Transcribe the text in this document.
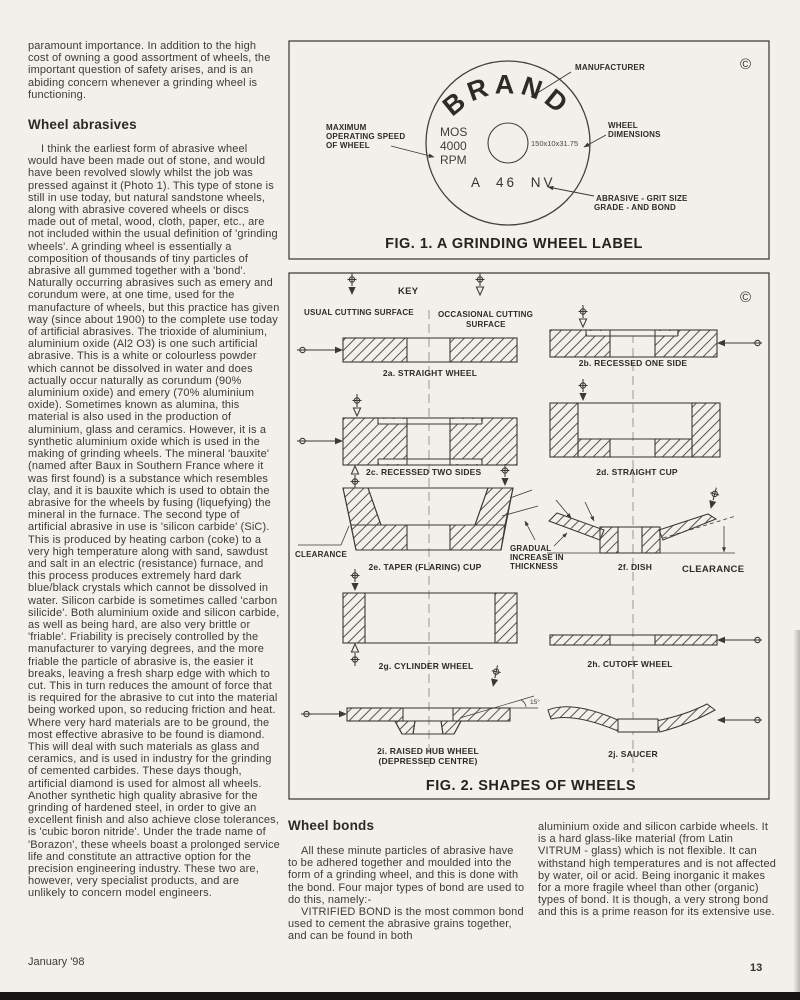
paramount importance. In addition to the high cost of owning a good assortment of wheels, the important question of safety arises, and is an abiding concern whenever a grinding wheel is functioning.
Wheel abrasives
I think the earliest form of abrasive wheel would have been made out of stone, and would have been revolved slowly whilst the job was pressed against it (Photo 1). This type of stone is still in use today, but natural sandstone wheels, along with abrasive covered wheels or discs made out of metal, wood, cloth, paper, etc., are not included within the usual definition of 'grinding wheels'. A grinding wheel is essentially a composition of thousands of tiny particles of abrasive all gummed together with a 'bond'. Naturally occurring abrasives such as emery and corundum were, at one time, used for the manufacture of wheels, but this practice has given way (since about 1900) to the complete use today of artificial abrasives. The trioxide of aluminium, aluminium oxide (Al2 O3) is one such artificial abrasive. This is a white or colourless powder which cannot be dissolved in water and does actually occur naturally as corundum (90% aluminium oxide) and emery (70% aluminium oxide). Sometimes known as alumina, this material is also used in the production of aluminium, glass and ceramics. However, it is a synthetic aluminium oxide which is used in the making of grinding wheels. The mineral 'bauxite' (named after Baux in Southern France where it was first found) is a substance which resembles clay, and it is bauxite which is used to obtain the abrasive for the wheels by fusing (liquefying) the mineral in the furnace. The second type of artificial abrasive in use is 'silicon carbide' (SiC). This is produced by heating carbon (coke) to a very high temperature along with sand, sawdust and salt in an electric (resistance) furnace, and this process produces extremely hard dark blue/black crystals which cannot be dissolved in water. Silicon carbide is sometimes called 'carbon silicide'. Both aluminium oxide and silicon carbide, as well as being hard, are also very brittle or 'friable'. Friability is precisely controlled by the manufacturer to varying degrees, and the more friable the particle of abrasive is, the easier it breaks, leaving a fresh sharp edge with which to cut. This in turn reduces the amount of force that is required for the abrasive to cut into the material being worked upon, so reducing friction and heat. Where very hard materials are to be ground, the most effective abrasive to be found is diamond. This will deal with such materials as glass and ceramics, and is used in industry for the grinding of cemented carbides. These days though, artificial diamond is used for almost all wheels. Another synthetic high quality abrasive for the grinding of hardened steel, in order to give an excellent finish and also achieve close tolerances, is 'cubic boron nitride'. Under the trade name of 'Borazon', these wheels boast a prolonged service life and constitute an attractive option for the precision engineering industry. These two are, however, very specialist products, and are unlikely to concern model engineers.
©
BRAND
MOS
4000
RPM
150x10x31.75
A 46 NV
MANUFACTURER
MAXIMUM
OPERATING SPEED
OF WHEEL
WHEEL
DIMENSIONS
ABRASIVE - GRIT SIZE
GRADE - AND BOND
FIG. 1. A GRINDING WHEEL LABEL
©
KEY
USUAL CUTTING SURFACE	OCCASIONAL CUTTING
SURFACE
2a. STRAIGHT WHEEL
2b. RECESSED ONE SIDE
2c. RECESSED TWO SIDES	2d. STRAIGHT CUP
2e. TAPER (FLARING) CUP	2f. DISH
2g. CYLINDER WHEEL	2h. CUTOFF WHEEL
2i. RAISED HUB WHEEL
(DEPRESSED CENTRE)
2j. SAUCER
CLEARANCE
CLEARANCE
GRADUAL
INCREASE IN
THICKNESS
15°
FIG. 2. SHAPES OF WHEELS
Wheel bonds
All these minute particles of abrasive have to be adhered together and moulded into the form of a grinding wheel, and this is done with the bond. Four major types of bond are used to do this, namely:-
VITRIFIED BOND is the most common bond used to cement the abrasive grains together, and can be found in both
aluminium oxide and silicon carbide wheels. It is a hard glass-like material (from Latin VITRUM - glass) which is not flexible. It can withstand high temperatures and is not affected by water, oil or acid. Being inorganic it makes for a more fragile wheel than other (organic) types of bond. It is though, a very strong bond and this is a prime reason for its extensive use.
January '98	13
